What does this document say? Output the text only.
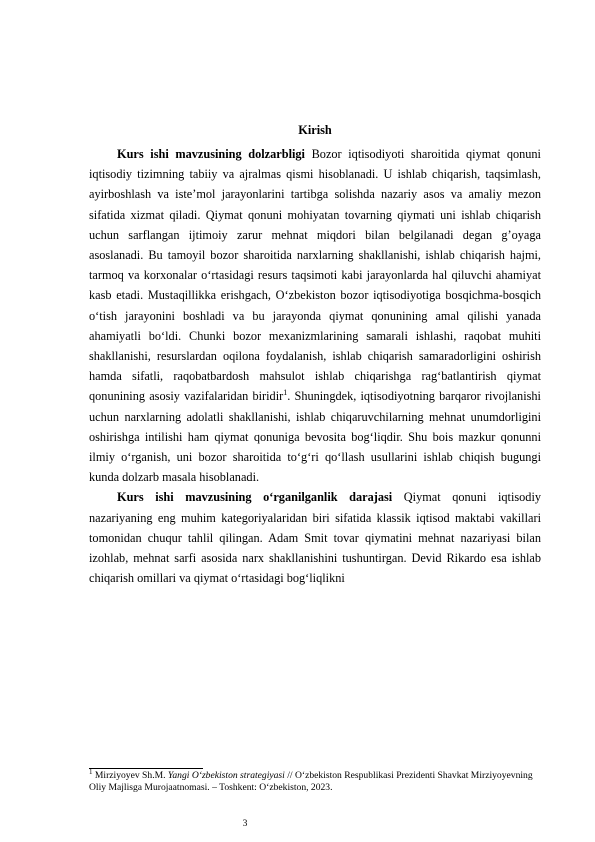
Kirish

Kurs ishi mavzusining dolzarbligi Bozor iqtisodiyoti sharoitida qiymat qonuni iqtisodiy tizimning tabiiy va ajralmas qismi hisoblanadi. U ishlab chiqarish, taqsimlash, ayirboshlash va iste’mol jarayonlarini tartibga solishda nazariy asos va amaliy mezon sifatida xizmat qiladi. Qiymat qonuni mohiyatan tovarning qiymati uni ishlab chiqarish uchun sarflangan ijtimoiy zarur mehnat miqdori bilan belgilanadi degan g’oyaga asoslanadi. Bu tamoyil bozor sharoitida narxlarning shakllanishi, ishlab chiqarish hajmi, tarmoq va korxonalar o‘rtasidagi resurs taqsimoti kabi jarayonlarda hal qiluvchi ahamiyat kasb etadi. Mustaqillikka erishgach, O‘zbekiston bozor iqtisodiyotiga bosqichma-bosqich o‘tish jarayonini boshladi va bu jarayonda qiymat qonunining amal qilishi yanada ahamiyatli bo‘ldi. Chunki bozor mexanizmlarining samarali ishlashi, raqobat muhiti shakllanishi, resurslardan oqilona foydalanish, ishlab chiqarish samaradorligini oshirish hamda sifatli, raqobatbardosh mahsulot ishlab chiqarishga rag‘batlantirish qiymat qonunining asosiy vazifalaridan biridir$^1$. Shuningdek, iqtisodiyotning barqaror rivojlanishi uchun narxlarning adolatli shakllanishi, ishlab chiqaruvchilarning mehnat unumdorligini oshirishga intilishi ham qiymat qonuniga bevosita bog‘liqdir. Shu bois mazkur qonunni ilmiy o‘rganish, uni bozor sharoitida to‘g‘ri qo‘llash usullarini ishlab chiqish bugungi kunda dolzarb masala hisoblanadi.

Kurs ishi mavzusining o‘rganilganlik darajasi Qiymat qonuni iqtisodiy nazariyaning eng muhim kategoriyalaridan biri sifatida klassik iqtisod maktabi vakillari tomonidan chuqur tahlil qilingan. Adam Smit tovar qiymatini mehnat nazariyasi bilan izohlab, mehnat sarfi asosida narx shakllanishini tushuntirgan. Devid Rikardo esa ishlab chiqarish omillari va qiymat o‘rtasidagi bog‘liqlikni

$^1$ Mirziyoyev Sh.M. Yangi O‘zbekiston strategiyasi // O‘zbekiston Respublikasi Prezidenti Shavkat Mirziyoyevning Oliy Majlisga Murojaatnomasi. – Toshkent: O‘zbekiston, 2023.
3
